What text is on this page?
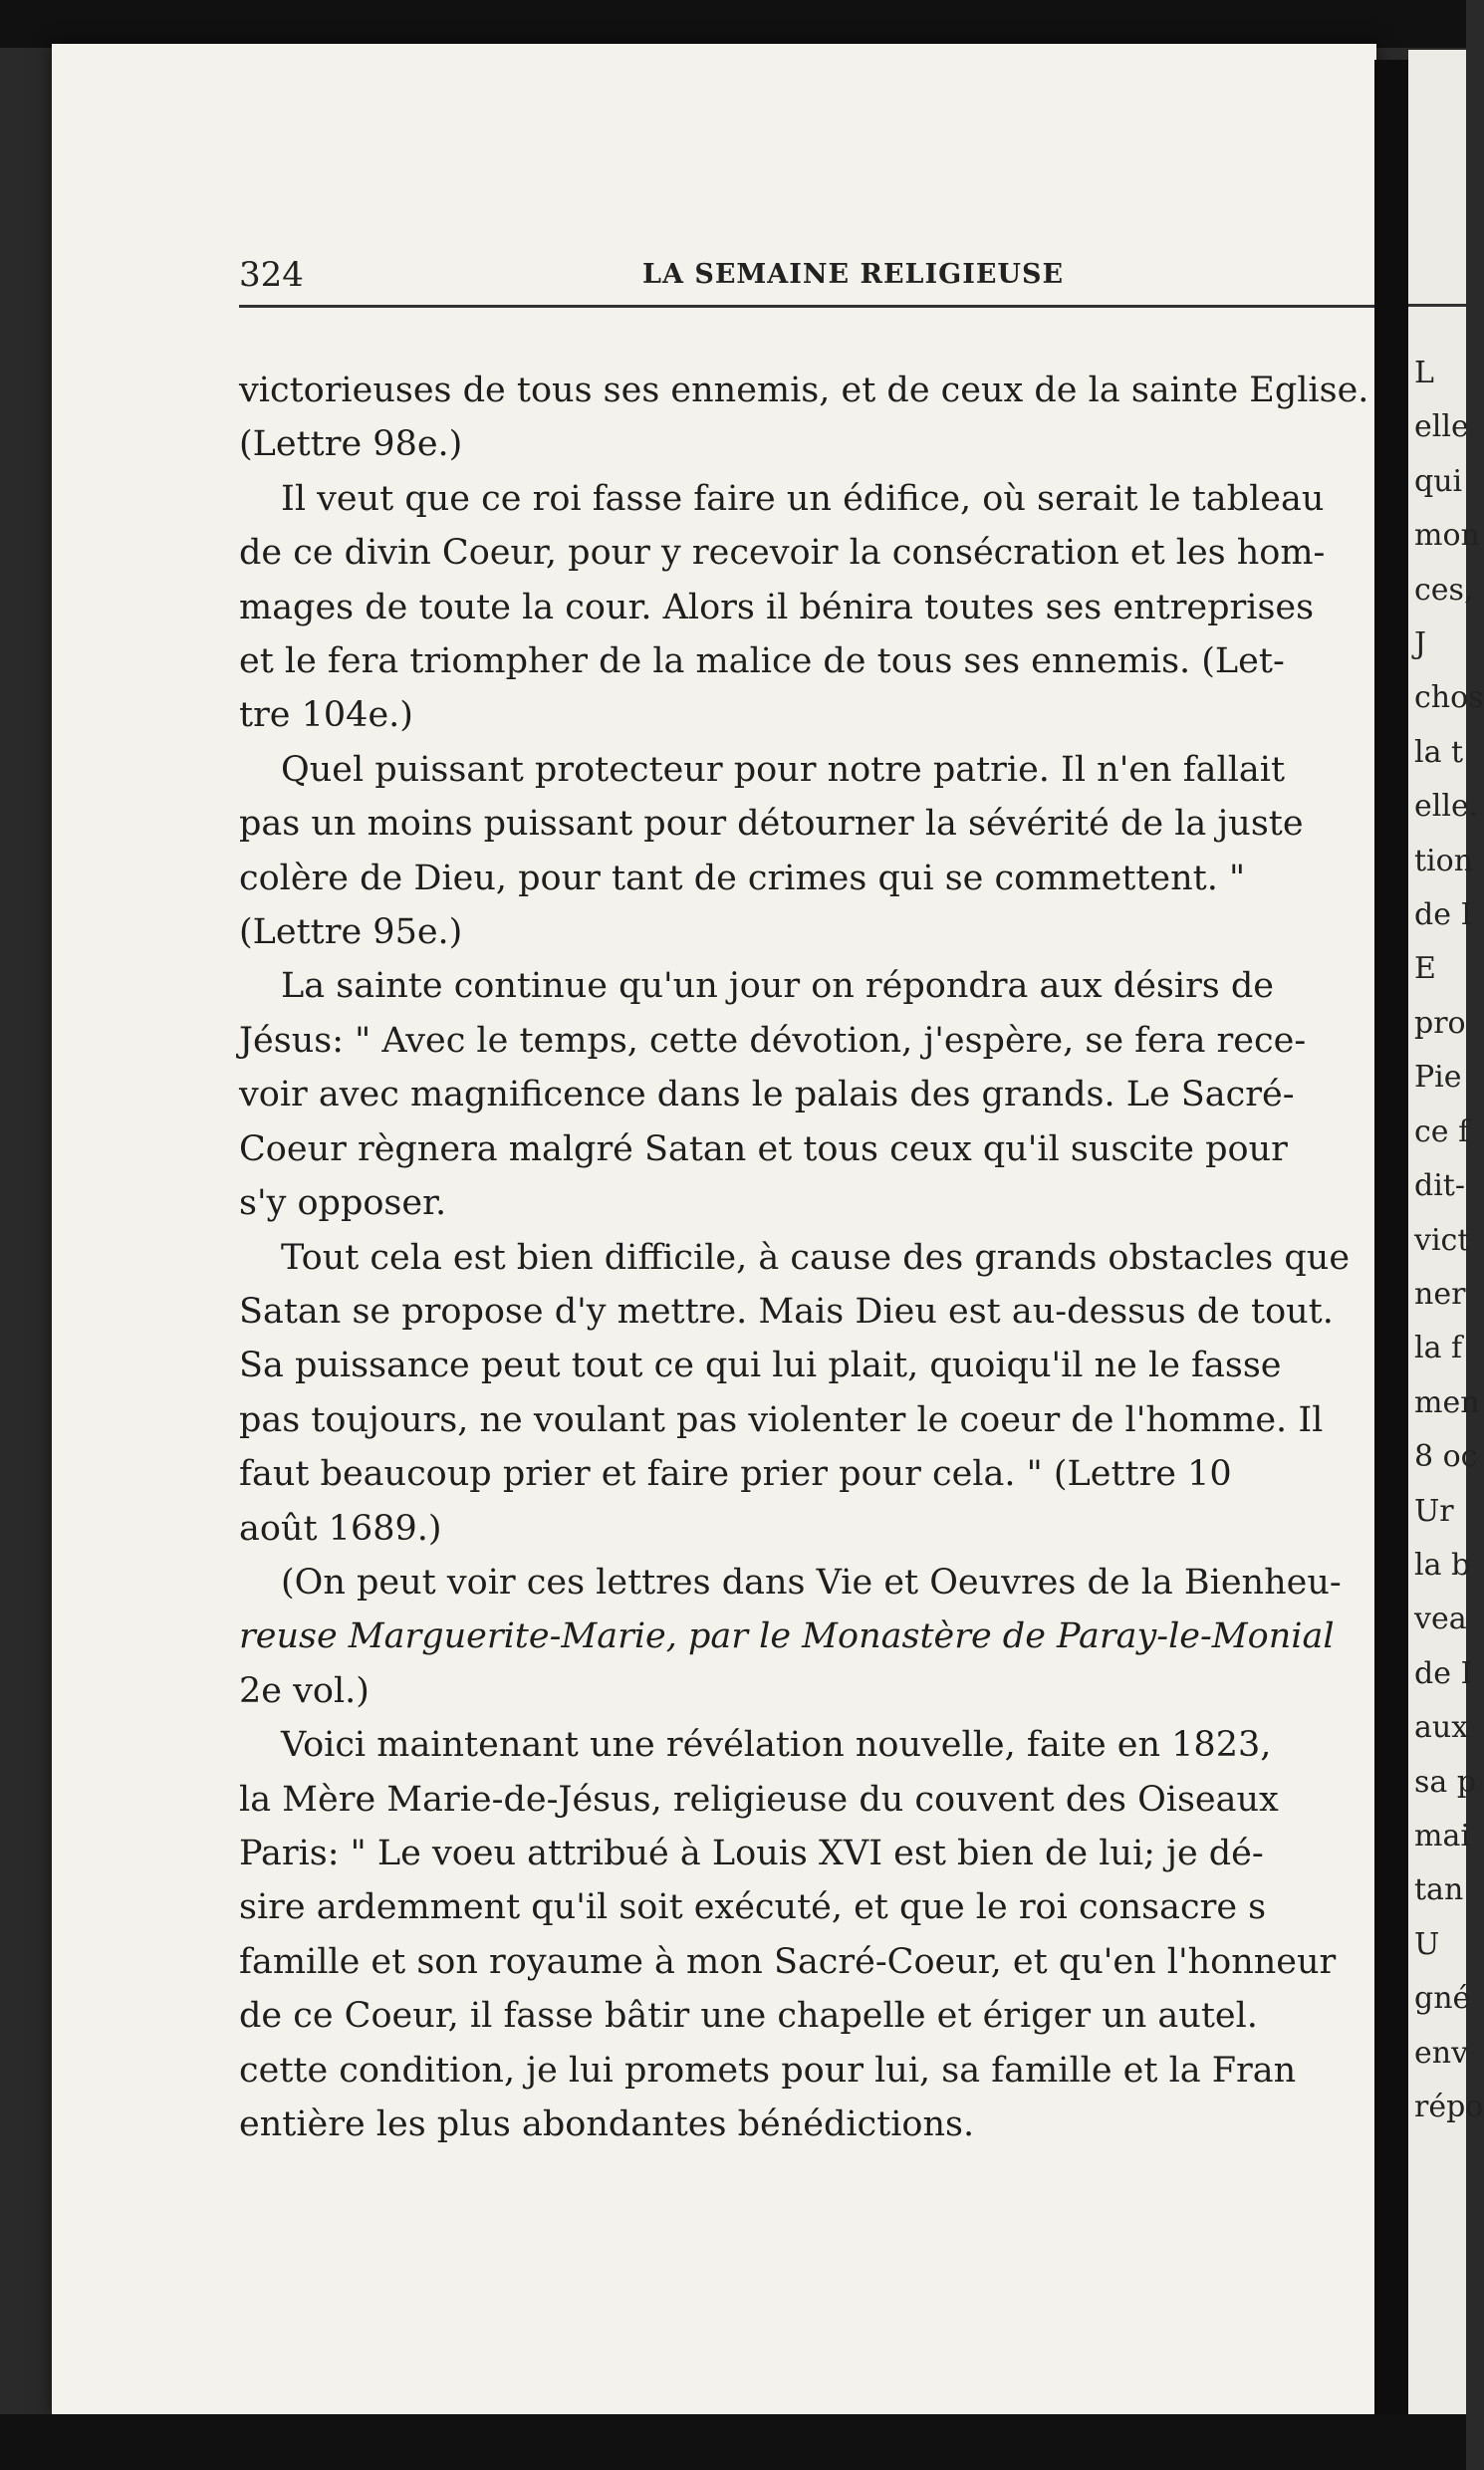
324	LA SEMAINE RELIGIEUSE
victorieuses de tous ses ennemis, et de ceux de la sainte Eglise.
(Lettre 98e.)
Il veut que ce roi fasse faire un édifice, où serait le tableau
de ce divin Coeur, pour y recevoir la consécration et les hom-
mages de toute la cour. Alors il bénira toutes ses entreprises
et le fera triompher de la malice de tous ses ennemis. (Let-
tre 104e.)
Quel puissant protecteur pour notre patrie. Il n'en fallait
pas un moins puissant pour détourner la sévérité de la juste
colère de Dieu, pour tant de crimes qui se commettent. "
(Lettre 95e.)
La sainte continue qu'un jour on répondra aux désirs de
Jésus: " Avec le temps, cette dévotion, j'espère, se fera rece-
voir avec magnificence dans le palais des grands. Le Sacré-
Coeur règnera malgré Satan et tous ceux qu'il suscite pour
s'y opposer.
Tout cela est bien difficile, à cause des grands obstacles que
Satan se propose d'y mettre. Mais Dieu est au-dessus de tout.
Sa puissance peut tout ce qui lui plait, quoiqu'il ne le fasse
pas toujours, ne voulant pas violenter le coeur de l'homme. Il
faut beaucoup prier et faire prier pour cela. " (Lettre 10
août 1689.)
(On peut voir ces lettres dans Vie et Oeuvres de la Bienheu-
reuse Marguerite-Marie, par le Monastère de Paray-le-Monial
2e vol.)
Voici maintenant une révélation nouvelle, faite en 1823,
la Mère Marie-de-Jésus, religieuse du couvent des Oiseaux
Paris: " Le voeu attribué à Louis XVI est bien de lui; je dé-
sire ardemment qu'il soit exécuté, et que le roi consacre s
famille et son royaume à mon Sacré-Coeur, et qu'en l'honneur
de ce Coeur, il fasse bâtir une chapelle et ériger un autel.
cette condition, je lui promets pour lui, sa famille et la Fran
entière les plus abondantes bénédictions.
L
elle
qui
mon
ces,
J
chos
la t
elle.
tion
de I
E
pro
Pie
ce f
dit-
vict
ner
la f
men
8 oc
Ur
la b
vea
de I
aux
sa p
mai
tan
U
gné
env
répo
